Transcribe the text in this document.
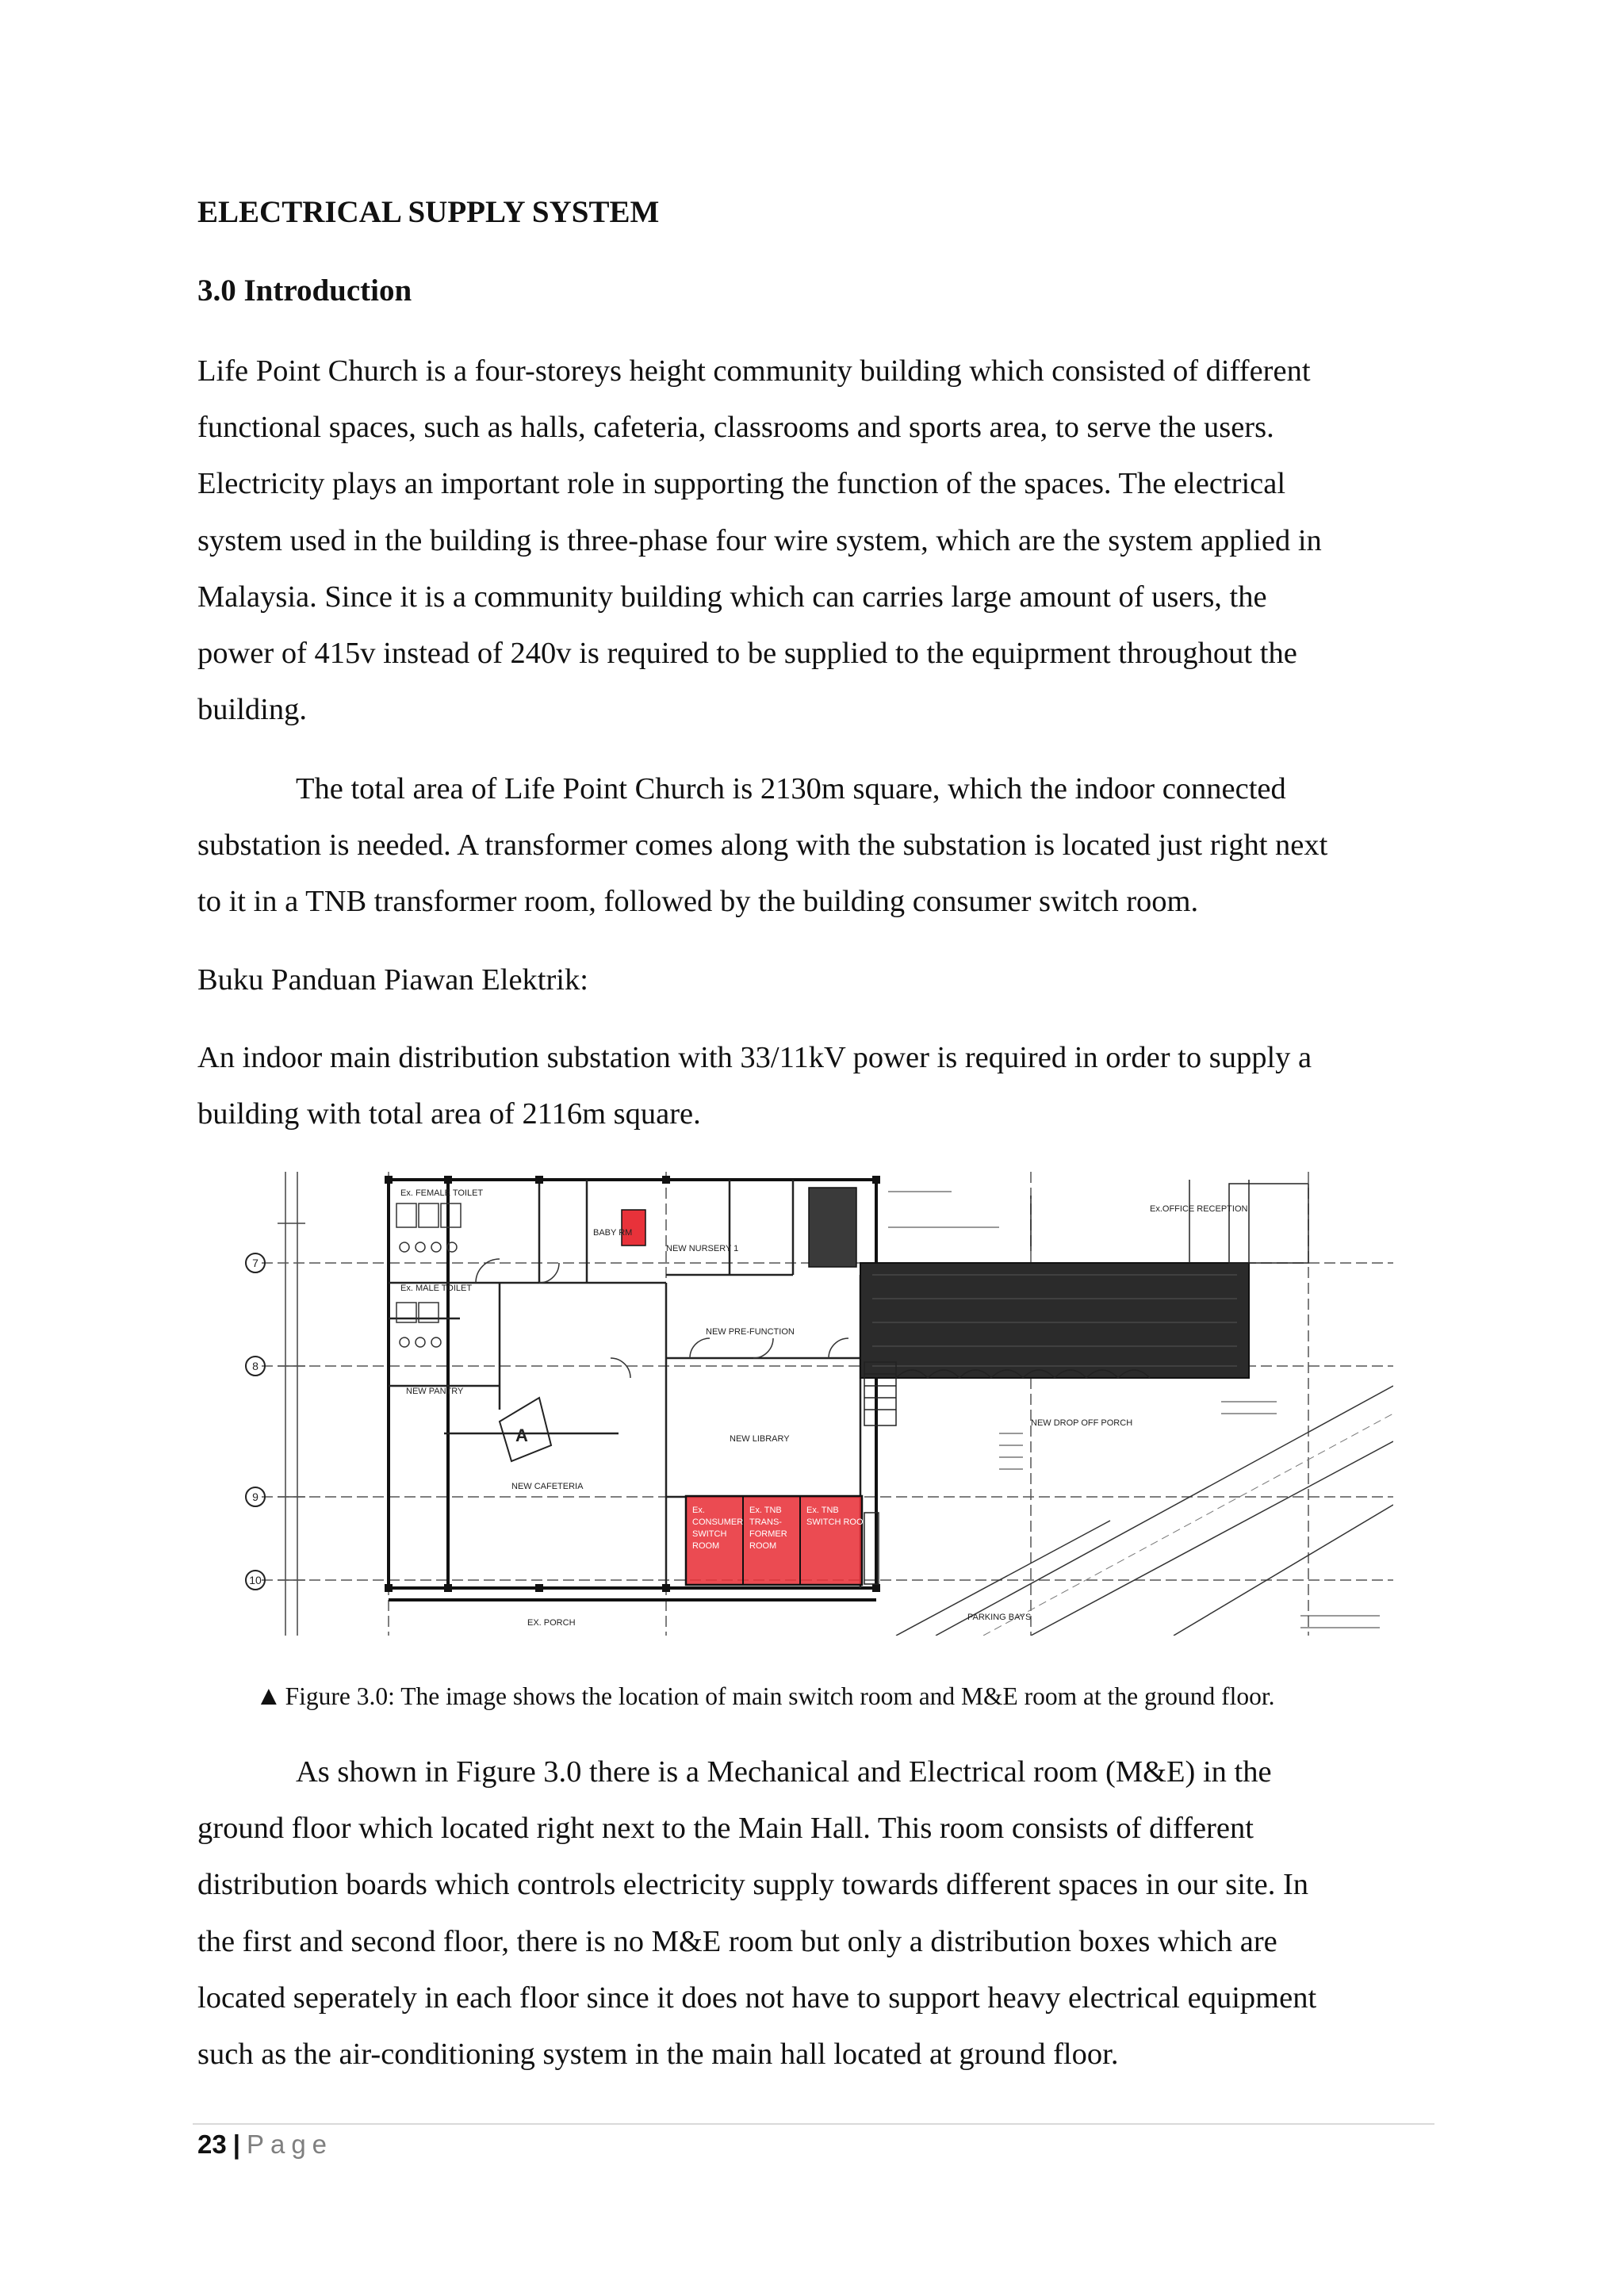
ELECTRICAL SUPPLY SYSTEM
3.0 Introduction

Life Point Church is a four-storeys height community building which consisted of different
functional spaces, such as halls, cafeteria, classrooms and sports area, to serve the users.
Electricity plays an important role in supporting the function of the spaces. The electrical
system used in the building is three-phase four wire system, which are the system applied in
Malaysia. Since it is a community building which can carries large amount of users, the
power of 415v instead of 240v is required to be supplied to the equiprment throughout the
building.

The total area of Life Point Church is 2130m square, which the indoor connected
substation is needed. A transformer comes along with the substation is located just right next
to it in a TNB transformer room, followed by the building consumer switch room.

Buku Panduan Piawan Elektrik:

An indoor main distribution substation with 33/11kV power is required in order to supply a
building with total area of 2116m square.

7
8
9
10
Ex.
CONSUMER
SWITCH
ROOM
Ex. TNB
TRANS-
FORMER
ROOM
Ex. TNB
SWITCH ROOM
A
Ex. FEMALE TOILET
Ex. MALE TOILET
NEW PANTRY
NEW CAFETERIA
BABY RM
NEW NURSERY 1
NEW PRE-FUNCTION
NEW LIBRARY
NEW DROP OFF PORCH
Ex.OFFICE RECEPTION
EX. PORCH
PARKING BAYS
▲ Figure 3.0: The image shows the location of main switch room and M&E room at the ground floor.

As shown in Figure 3.0 there is a Mechanical and Electrical room (M&E) in the
ground floor which located right next to the Main Hall. This room consists of different
distribution boards which controls electricity supply towards different spaces in our site. In
the first and second floor, there is no M&E room but only a distribution boxes which are
located seperately in each floor since it does not have to support heavy electrical equipment
such as the air-conditioning system in the main hall located at ground floor.

23 | Page
